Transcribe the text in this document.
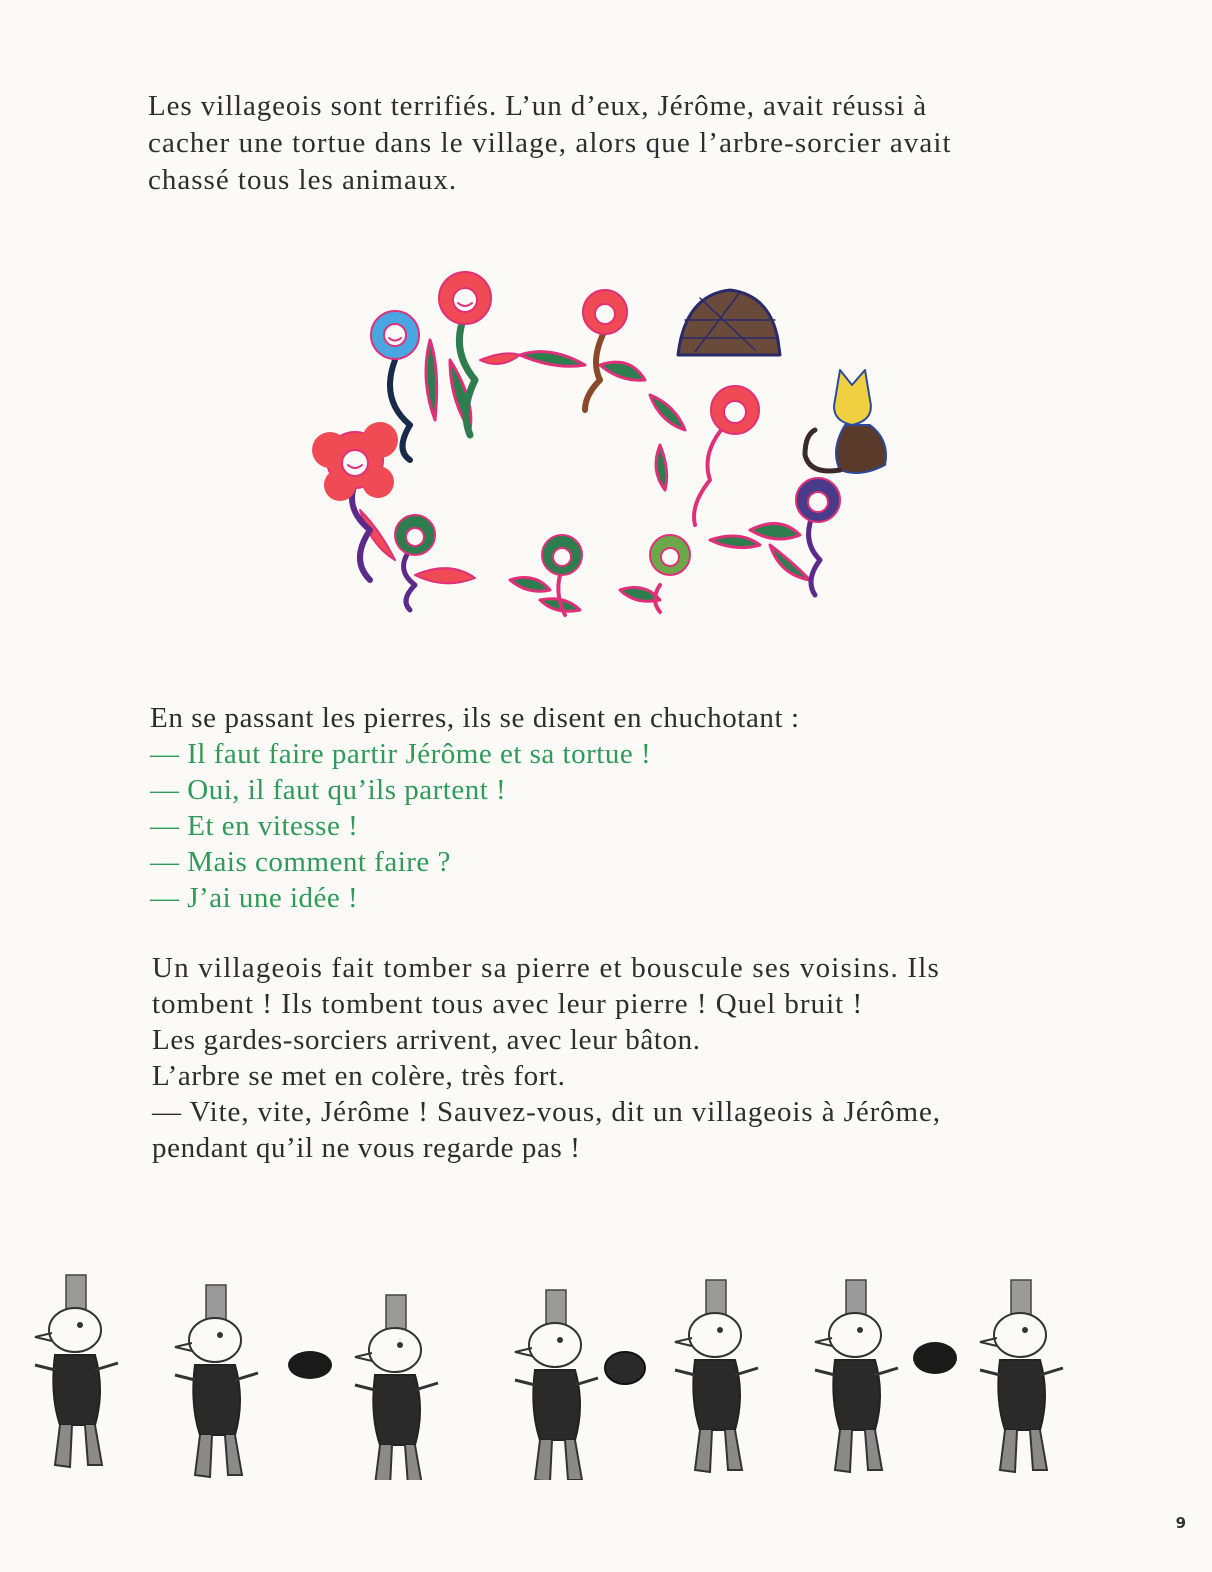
Les villageois sont terrifiés. L’un d’eux, Jérôme, avait réussi à
cacher une tortue dans le village, alors que l’arbre-sorcier avait
chassé tous les animaux.
En se passant les pierres, ils se disent en chuchotant :
— Il faut faire partir Jérôme et sa tortue !
— Oui, il faut qu’ils partent !
— Et en vitesse !
— Mais comment faire ?
— J’ai une idée !
Un villageois fait tomber sa pierre et bouscule ses voisins. Ils
tombent ! Ils tombent tous avec leur pierre ! Quel bruit !
Les gardes-sorciers arrivent, avec leur bâton.
L’arbre se met en colère, très fort.
— Vite, vite, Jérôme ! Sauvez-vous, dit un villageois à Jérôme,
pendant qu’il ne vous regarde pas !
9
